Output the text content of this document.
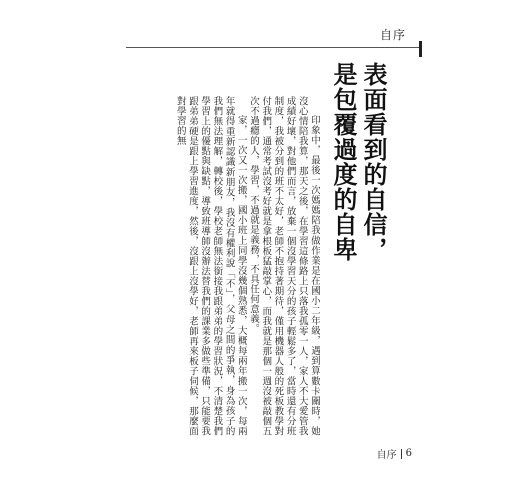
自序
表面看到的自信，
是包覆過度的自卑

印象中，最後一次媽媽陪我做作業是在國小二年級，遇到算數卡關時，她沒心情陪我算，那天之後，在學習這條路上只落我孤零一人，家人不大愛管我成績好壞，對他們而言，放棄一個沒學習天分的孩子輕鬆多了，當時還有分班制度，我被分到的班不太好，老師不抱持著期待，僅用機器人般的死板教學對付我們，通常考試沒考好就是拿根板猛敲掌心，而我就是那個一週沒被敲個五次不過癮的人，學習，不過就是義務，不具任何意義。

家，一次又一次搬，國小班上同學沒幾個熟悉，大概每兩年搬一次，每兩年就得重新認識新朋友，我沒有權利說「不」，父母之間的爭執，身為孩子的我們無法理解，轉校後，學校老師無法銜接我跟弟弟的學習狀況，不清楚我們學習上的優點與缺點，導致班導師沒辦法替我們的課業多做些準備，只能要我跟弟弟硬是跟上學習進度，然後，沒跟上沒學好，老師再來板子伺候，那麼面對學習的無

自序 6
